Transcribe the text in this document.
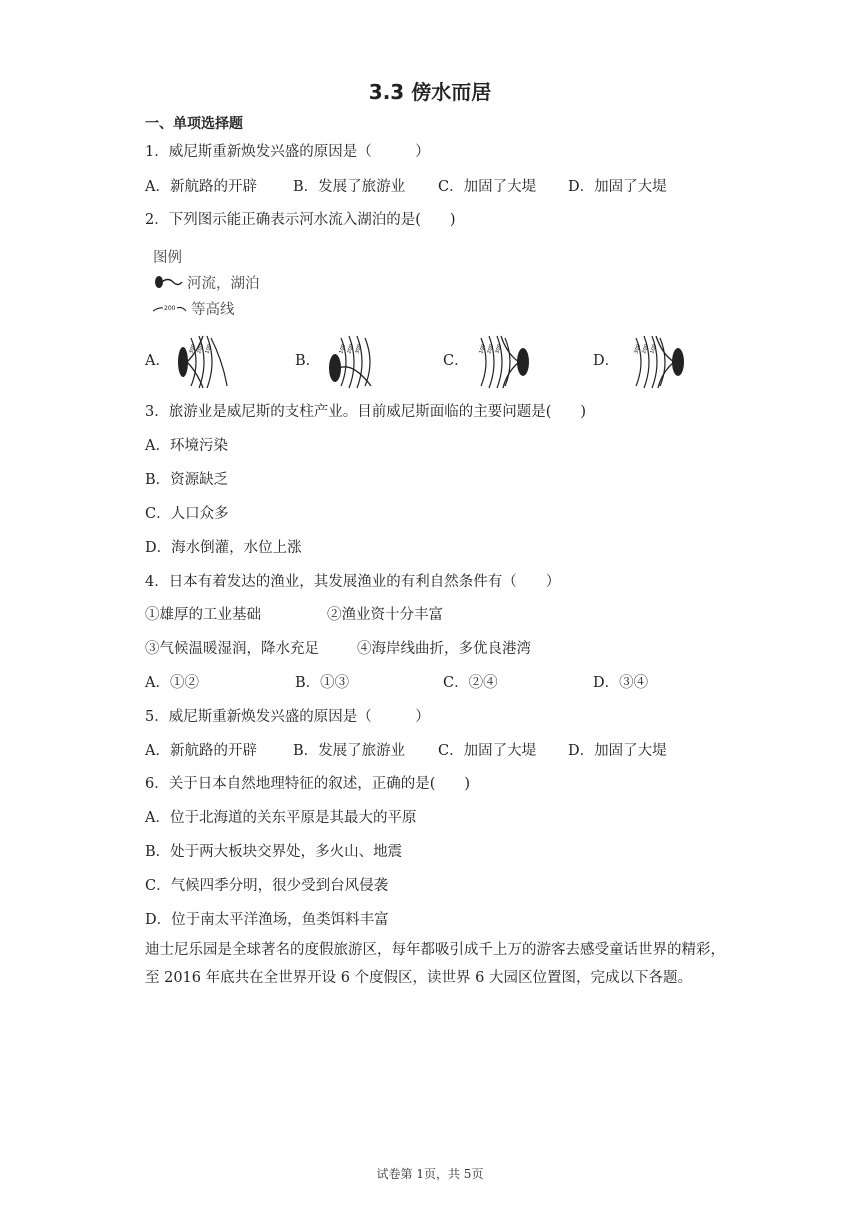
3.3 傍水而居
一、单项选择题
1．威尼斯重新焕发兴盛的原因是（　　　）
A．新航路的开辟	B．发展了旅游业	C．加固了大堤	D．加固了大堤
2．下列图示能正确表示河水流入湖泊的是(　　)
图例
河流，湖泊
200 等高线
A．
300 200 100
B．
100 200 300
C．
100 200 300
D．
300 200 100
3．旅游业是威尼斯的支柱产业。目前威尼斯面临的主要问题是(　　)
A．环境污染
B．资源缺乏
C．人口众多
D．海水倒灌，水位上涨
4．日本有着发达的渔业，其发展渔业的有利自然条件有（　　）
①雄厚的工业基础	②渔业资十分丰富
③气候温暖湿润，降水充足	④海岸线曲折，多优良港湾
A．①②	B．①③	C．②④	D．③④
5．威尼斯重新焕发兴盛的原因是（　　　）
A．新航路的开辟	B．发展了旅游业	C．加固了大堤	D．加固了大堤
6．关于日本自然地理特征的叙述，正确的是(　　)
A．位于北海道的关东平原是其最大的平原
B．处于两大板块交界处，多火山、地震
C．气候四季分明，很少受到台风侵袭
D．位于南太平洋渔场，鱼类饵料丰富
迪士尼乐园是全球著名的度假旅游区，每年都吸引成千上万的游客去感受童话世界的精彩，至 2016 年底共在全世界开设 6 个度假区，读世界 6 大园区位置图，完成以下各题。
试卷第 1页，共 5页
